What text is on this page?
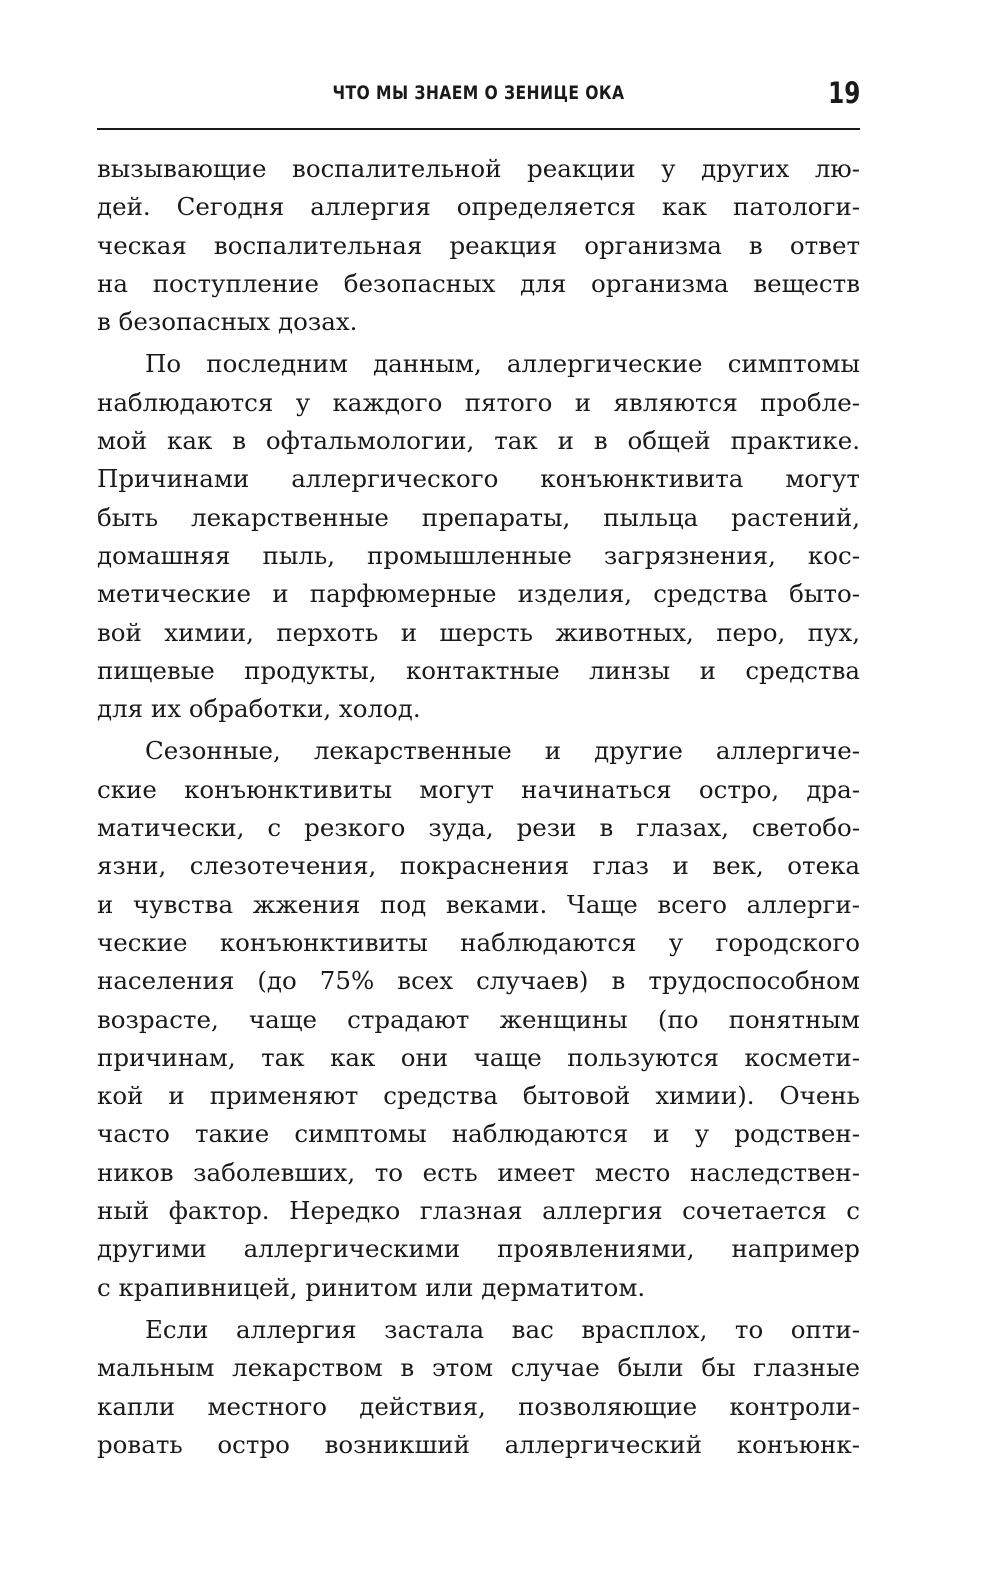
ЧТО МЫ ЗНАЕМ О ЗЕНИЦЕ ОКА	19
вызывающие воспалительной реакции у других лю-
дей. Сегодня аллергия определяется как патологи-
ческая воспалительная реакция организма в ответ
на поступление безопасных для организма веществ
в безопасных дозах.
По последним данным, аллергические симптомы
наблюдаются у каждого пятого и являются пробле-
мой как в офтальмологии, так и в общей практике.
Причинами аллергического конъюнктивита могут
быть лекарственные препараты, пыльца растений,
домашняя пыль, промышленные загрязнения, кос-
метические и парфюмерные изделия, средства быто-
вой химии, перхоть и шерсть животных, перо, пух,
пищевые продукты, контактные линзы и средства
для их обработки, холод.
Сезонные, лекарственные и другие аллергиче-
ские конъюнктивиты могут начинаться остро, дра-
матически, с резкого зуда, рези в глазах, светобо-
язни, слезотечения, покраснения глаз и век, отека
и чувства жжения под веками. Чаще всего аллерги-
ческие конъюнктивиты наблюдаются у городского
населения (до 75% всех случаев) в трудоспособном
возрасте, чаще страдают женщины (по понятным
причинам, так как они чаще пользуются космети-
кой и применяют средства бытовой химии). Очень
часто такие симптомы наблюдаются и у родствен-
ников заболевших, то есть имеет место наследствен-
ный фактор. Нередко глазная аллергия сочетается с
другими аллергическими проявлениями, например
с крапивницей, ринитом или дерматитом.
Если аллергия застала вас врасплох, то опти-
мальным лекарством в этом случае были бы глазные
капли местного действия, позволяющие контроли-
ровать остро возникший аллергический конъюнк-
